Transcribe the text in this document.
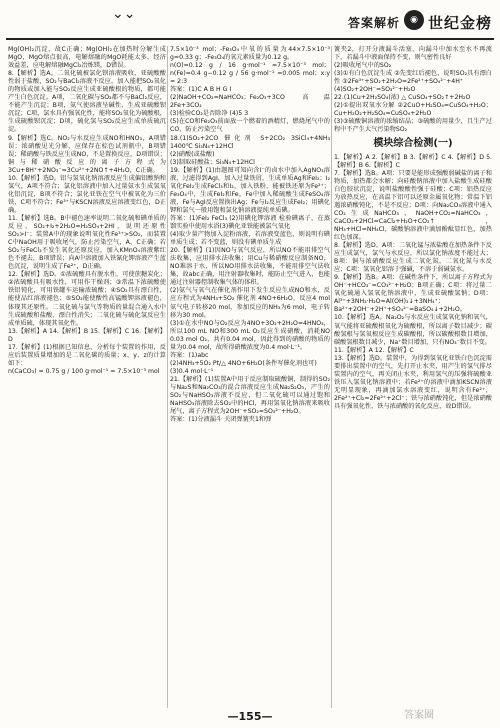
⌄⌄
答案解析	◉ 世纪金榜

Mg(OH)₂沉淀，故C正确；Mg(OH)₂在加热时分解生成MgO，MgO熔点很高，电解熔融的MgO耗能太多，经济效益差，应电解熔融MgCl₂冶炼镁，D错误。

8.【解析】选A。二氧化硫被氯化钡溶液吸收，亚硫酸酸性弱于盐酸，SO₂与BaCl₂溶液不反应，加入能把SO₂氧化的物质或加入能与SO₂反应生成亚硫酸根的物质，都可能产生白色沉淀。A项，二氧化碳与SO₂都不与BaCl₂反应，不能产生沉淀；B项，氨气使溶液呈碱性，生成亚硫酸钡沉淀；C项，氯水具有强氧化性，能将SO₂氧化为硫酸根，生成硫酸钡沉淀；D项，硫化氢与SO₂反应生成单质硫沉淀。

9.【解析】选C。NO₂与水反应生成NO和HNO₃，A项错误；浓硝酸见光分解，应保存在棕色试剂瓶中，B项错误；稀硝酸与铁反应生成NO，不是置换反应，D项错误；铜与稀硝酸反应的离子方程式为3Cu+8H⁺+2NO₃⁻=3Cu²⁺+2NO↑+4H₂O，C正确。

10.【解析】选D。铝与氢氧化钠溶液反应生成偏铝酸钠和氢气，A项不符合；氯化铝溶液中加入过量氨水生成氢氧化铝沉淀，B项不符合；氯化亚铁在空气中被氧化为三价铁，C项不符合；Fe³⁺与KSCN溶液反应溶液变红色，D正确。

11.【解析】选B。B中褪色速率说明二氧化硫和碘单质的反应，SO₂+I₂+2H₂O=H₂SO₄+2HI，说明还原性SO₂>I⁻；装置A中的现象说明氧化性Fe³⁺>SO₂，而装置C中NaOH用于吸收尾气，防止污染空气，A、C正确；若SO₂与FeCl₃不发生氧化还原反应，加入KMnO₄溶液紫红色不褪去，B项错误；向A中溶液加入铁氰化钾溶液产生蓝色沉淀，说明生成了Fe²⁺，D正确。

12.【解析】选D。①浓硫酸具有脱水性，可使蔗糖炭化；②浓硫酸具有吸水性，可用作干燥剂；③常温下浓硫酸使铁铝钝化，可用铁罐车运输浓硫酸；④SO₂具有漂白性，能使品红溶液褪色；⑤SO₂能使酸性高锰酸钾溶液褪色，体现其还原性。二氧化硫与氯气等物质的量混合通入水中生成硫酸和盐酸，漂白性消失；二氧化硫与硫化氢反应生成单质硫，体现其氧化性。

13.【解析】A 14.【解析】B 15.【解析】C 16.【解析】D

17.【解析】(1)根据已知信息，分析每个装置的作用，反应后装置质量增加的是二氧化碳的质量；x、y、z的计算如下：

n(CaCO₃) = 0.75 g / 100 g·mol⁻¹ = 7.5×10⁻³ mol

7.5×10⁻³ mol；-Fe₃O₄中氧的质量为44×7.5×10⁻³ g=0.33 g；-Fe₃O₄的氧元素质量为0.12 g。

n(O)=0.12 g / 16 g·mol⁻¹ =7.5×10⁻³ mol；n(Fe)=0.4 g−0.12 g / 56 g·mol⁻¹ =0.005 mol；x:y = 2:3

答案：(1)C A B H G I

(2)NaOH+CO₂=NaHCO₃；Fe₂O₃+3CO 高温 2Fe+3CO₂

(3)检验CO₂是否除净 (4)5 3

(5)在CO和Fe₂O₃前面放一个燃着的酒精灯，燃烧尾气中的CO，防止污染空气

18.(1)SO₂+2CO 催化剂 S+2CO₂ 3SiCl₄+4NH₃ 1400℃ Si₃N₄+12HCl

(2)硝酸(或盐酸)

(3)制取硅酸盐；Si₃N₄+12HCl

19.【解析】(1)由题图可知向含I⁻的卤水中加入AgNO₃溶液，过滤得到AgI，加入过量铁屑，生成单质Ag和FeI₂；I₂氧化FeI₂生成FeCl₃和I₂，加入铁粉，能被铁还原为Fe²⁺；Fe₃O₄中，生成FeI₂和Fe，Fe中加入稀硫酸生成FeSO₄溶液，Fe与AgI反应置换出Ag；Fe与I₂反应生成FeI₂；用碘化钾和氯气一般用饱和氯化钠溶液提纯单质碘。

答案：(1)FeI₂ FeCl₃ (2)用碘化钾溶液 检验碘离子，在蒸馏实验中使用水浴(3)碘化亚铁能被氯气氧化

(4)取少量产物加入淀粉溶液，若溶液变蓝色，则说明有碘单质生成；若不变蓝，则没有碘单质生成

20.【解析】(1)因NO与氧气反应，所以NO不能用排空气法收集，应用排水法收集；用Cu与稀硝酸反应制备NO，NO难溶于水，所以NO用排水法收集，不能用排空气法收集，故abc正确，用注射器收集时，能防止空气进入，也能通过注射器控制收集气体的体积。

(2)氨气与氧气在催化剂作用下发生反应生成NO和水，反应方程式为4NH₃+5O₂ 催化剂 4NO+6H₂O，反应4 mol氨气电子转移20 mol，参加反应的NH₃为6 mol，电子转移为30 mol。

(3)①在水中NO与O₂反应为4NO+3O₂+2H₂O=4HNO₃，所以100 mL NO和300 mL O₂反应生成硝酸，消耗NO 0.03 mol O₂，共有0.04 mol，因此得到的硝酸的物质的量为0.04 mol，故所得硝酸浓度为0.4 mol·L⁻¹。

答案：(1)abc

(2)4NH₃+5O₂ Pt/△ 4NO+6H₂O(条件写催化剂也可)

(3)0.4 mol·L⁻¹

21.【解析】(1)装置A中用于反应制取硫酸铜，制得的SO₂与Na₂S和Na₂CO₃的混合溶液反应生成Na₂S₂O₃，产生的SO₂与NaHSO₃溶液不反应，但二氧化硫可以通过饱和NaHSO₃溶液除去SO₂中的HCl，再用氢氧化钠溶液来吸收尾气，离子方程式为2OH⁻+SO₂=SO₃²⁻+H₂O。

答案：(1)分液漏斗 关闭弹簧夹1和弹

簧夹2，打开分液漏斗活塞，向漏斗中加水至水不再流下，若漏斗中液面保持不变，则气密性良好

(2)吸收尾气中的SO₂

(3)①有白色沉淀生成 ②先变红后褪色，说明SO₂具有漂白性 ③2Fe³⁺+SO₂+2H₂O=2Fe²⁺+SO₄²⁻+4H⁺

(4)SO₂+2OH⁻=SO₃²⁻+H₂O

22.(1)Cu+2H₂SO₄(浓) △ CuSO₄+SO₂↑+2H₂O

(2)①提出双氧水分解 ②2CuO+H₂SO₄=CuSO₄+H₂O；Cu+H₂O₂+H₂SO₄=CuSO₄+2H₂O

(3)③硫酸铜溶液的浓缩结晶；③硫酸的用量少，且生产过程中不产生大气污染物SO₂

模块综合检测(一)

1.【解析】A 2.【解析】B 3.【解析】C 4.【解析】D 5.【解析】B 6.【解析】C

7.【解析】选B。A项：只要是能形成强酸弱碱盐的离子和物质，加热都会水解；向硅酸钠溶液中加入盐酸生成硅酸白色胶状沉淀，说明盐酸酸性强于硅酸；C项：铝热反应为放热反应，在高温下铝可以还原金属氧化物；常温下铝遇浓硝酸钝化，不是不反应；D项：向Na₂CO₃溶液中通入CO₂生成NaHCO₃，NaOH+CO₂=NaHCO₃，CaCO₃+2HCl=CaCl₂+H₂O+CO₂↑，NH₃+HCl=NH₄Cl，碳酸钠溶液中滴加酚酞显红色，加热红色加深。

8.【解析】选D。A项：二氧化锰与浓盐酸在加热条件下反应生成氯气，氯气与水反应，所以氯化钠浓度不能过大；B项：铜与浓硝酸反应生成二氧化氮，二氧化氮与水反应；C项：氢氧化铝溶于强碱，不溶于弱碱氨水。

9.【解析】选B。A项：在碱性条件下，所以离子方程式为OH⁻+HCO₃⁻=CO₃²⁻+H₂O；B项正确；C项：将过量二氧化硫通入氢氧化钠溶液中，生成亚硫酸氢钠；D项：Al³⁺+3NH₃·H₂O=Al(OH)₃↓+3NH₄⁺；Ba²⁺+2OH⁻+2H⁺+SO₄²⁻=BaSO₄↓+2H₂O。

10.【解析】选A。Na₂O₂与水反应生成氢氧化钠和氧气，氧气能将亚硫酸根氧化为硫酸根，所以离子数目减少；碳酸氢根与氢氧根反应生成碳酸根，所以碳酸根数目增加，碳酸氢根数目减少，Na⁺数目增加，只有NO₃⁻数目不变。

11.【解析】A 12.【解析】C

13.【解析】选D。装置中，为得到氢氧化亚铁白色沉淀需要排出装置中的空气，先打开止水夹，用产生的氢气排尽装置内的空气，再关闭止水夹，利用氢气的压强将硫酸亚铁压入氢氧化钠溶液中；若Fe²⁺的溶液中滴加KSCN溶液无明显现象，再滴加氯水溶液变红，说明含有Fe²⁺，2Fe²⁺+Cl₂=2Fe³⁺+2Cl⁻；铁与浓硝酸钝化，但是浓硝酸具有强氧化性，铁与浓硝酸的氧化反应，故D错误。

—155—	答案圈
